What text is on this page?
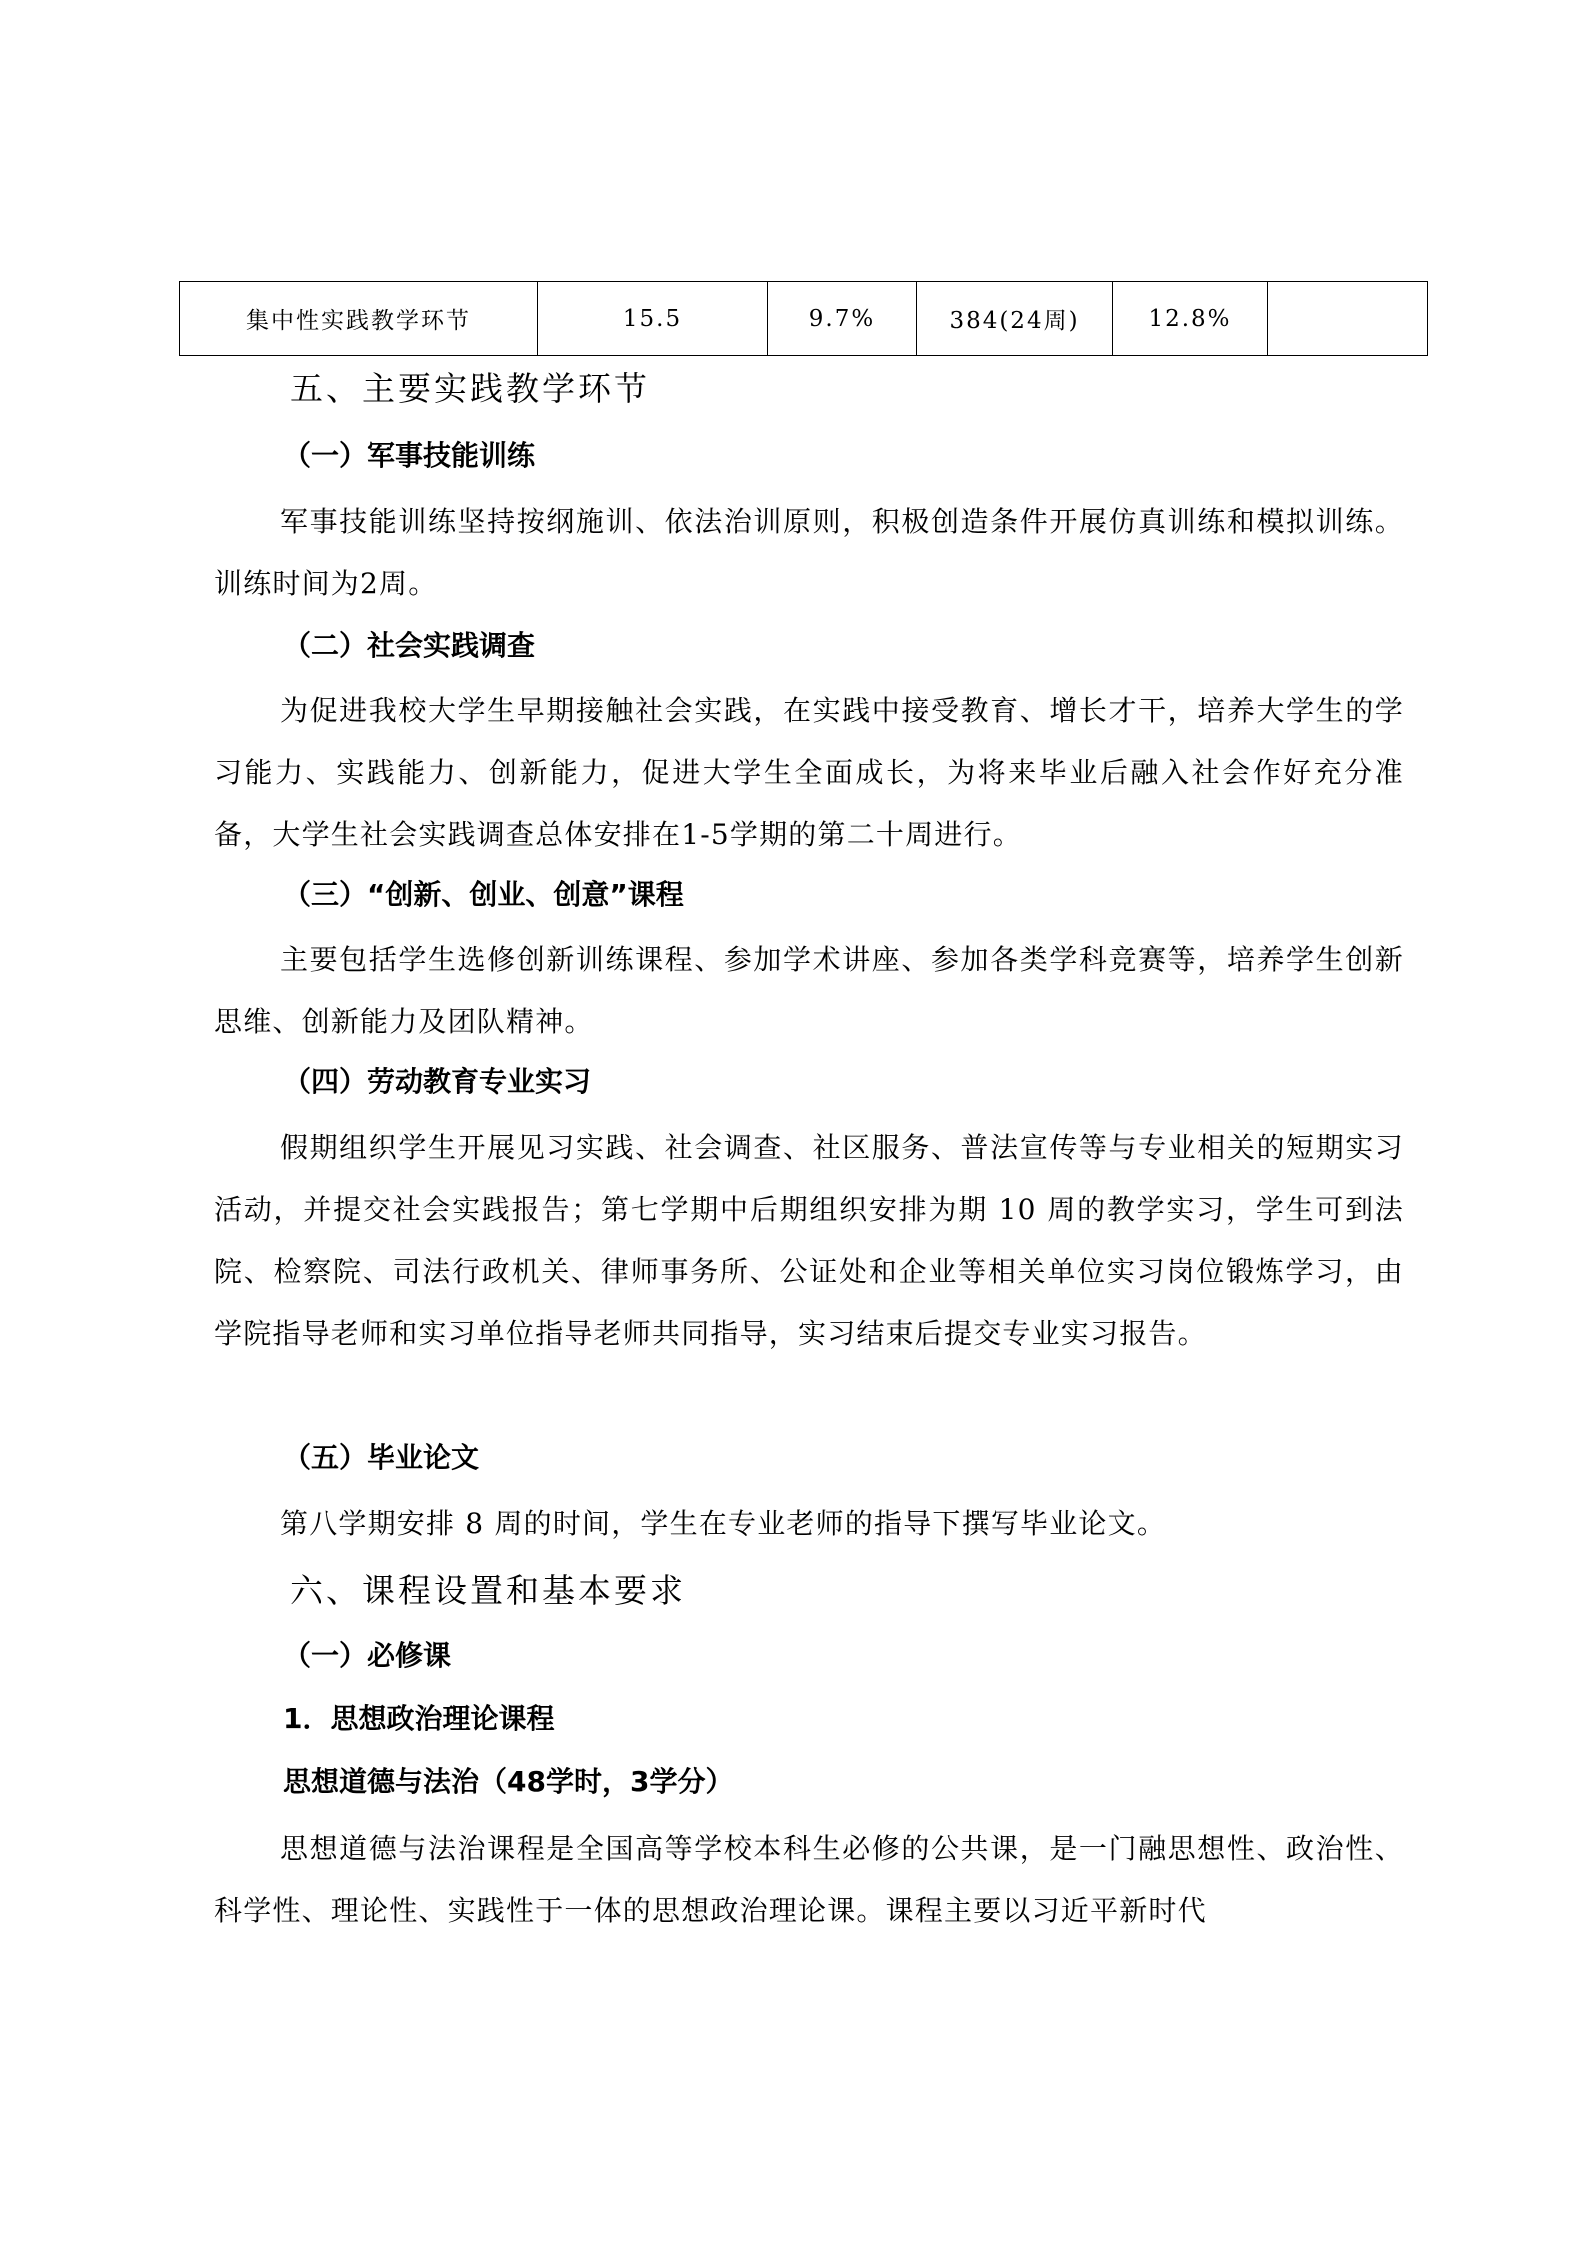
集中性实践教学环节	15.5	9.7%	384(24周)	12.8%	
五、主要实践教学环节
（一）军事技能训练
军事技能训练坚持按纲施训、依法治训原则，积极创造条件开展仿真训练和模拟训练。训练时间为2周。
（二）社会实践调查
为促进我校大学生早期接触社会实践，在实践中接受教育、增长才干，培养大学生的学习能力、实践能力、创新能力，促进大学生全面成长，为将来毕业后融入社会作好充分准备，大学生社会实践调查总体安排在1-5学期的第二十周进行。
（三）“创新、创业、创意”课程
主要包括学生选修创新训练课程、参加学术讲座、参加各类学科竞赛等，培养学生创新思维、创新能力及团队精神。
（四）劳动教育专业实习
假期组织学生开展见习实践、社会调查、社区服务、普法宣传等与专业相关的短期实习活动，并提交社会实践报告；第七学期中后期组织安排为期 10 周的教学实习，学生可到法院、检察院、司法行政机关、律师事务所、公证处和企业等相关单位实习岗位锻炼学习，由学院指导老师和实习单位指导老师共同指导，实习结束后提交专业实习报告。
（五）毕业论文
第八学期安排 8 周的时间，学生在专业老师的指导下撰写毕业论文。
六、课程设置和基本要求
（一）必修课
1．思想政治理论课程
思想道德与法治（48学时，3学分）
思想道德与法治课程是全国高等学校本科生必修的公共课，是一门融思想性、政治性、科学性、理论性、实践性于一体的思想政治理论课。课程主要以习近平新时代
